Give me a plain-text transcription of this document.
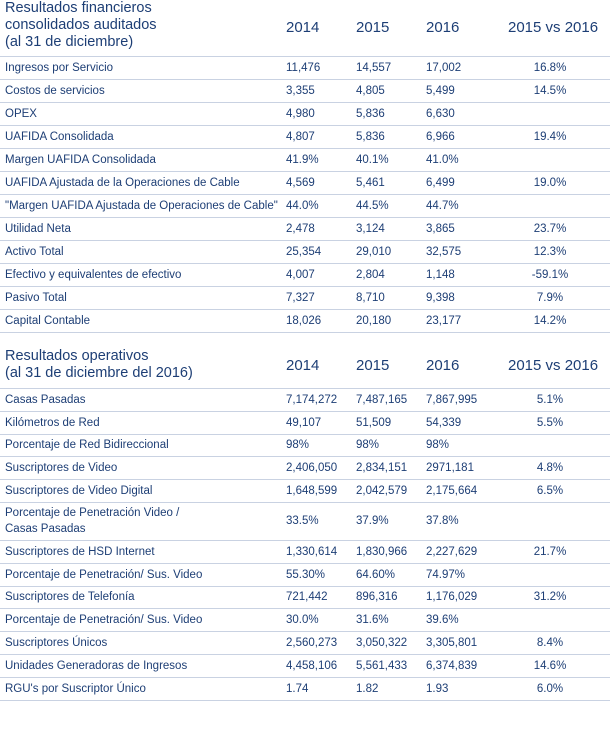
Resultados financieros
consolidados auditados
(al 31 de diciembre)
2014 2015 2016	2015 vs 2016
Ingresos por Servicio	11,476	14,557	17,002	16.8%
Costos de servicios	3,355	4,805	5,499	14.5%
OPEX	4,980	5,836	6,630
UAFIDA Consolidada	4,807	5,836	6,966	19.4%
Margen UAFIDA Consolidada	41.9%	40.1%	41.0%
UAFIDA Ajustada de la Operaciones de Cable	4,569	5,461	6,499	19.0%
"Margen UAFIDA Ajustada de Operaciones de Cable" 44.0%	44.5%	44.7%
Utilidad Neta	2,478	3,124	3,865	23.7%
Activo Total	25,354	29,010	32,575	12.3%
Efectivo y equivalentes de efectivo	4,007	2,804	1,148	-59.1%
Pasivo Total	7,327	8,710	9,398	7.9%
Capital Contable	18,026	20,180	23,177	14.2%
Resultados operativos
(al 31 de diciembre del 2016)	2014 2015 2016	2015 vs 2016
Casas Pasadas	7,174,272 7,487,165 7,867,995	5.1%
Kilómetros de Red	49,107	51,509	54,339	5.5%
Porcentaje de Red Bidireccional	98%	98%	98%
Suscriptores de Video	2,406,050 2,834,151 2971,181	4.8%
Suscriptores de Video Digital	1,648,599 2,042,579 2,175,664	6.5%
Porcentaje de Penetración Video /
Casas Pasadas
33.5%	37.9%	37.8%
Suscriptores de HSD Internet	1,330,614 1,830,966 2,227,629	21.7%
Porcentaje de Penetración/ Sus. Video	55.30%	64.60%	74.97%
Suscriptores de Telefonía	721,442 896,316 1,176,029	31.2%
Porcentaje de Penetración/ Sus. Video	30.0%	31.6%	39.6%
Suscriptores Únicos	2,560,273 3,050,322 3,305,801	8.4%
Unidades Generadoras de Ingresos	4,458,106 5,561,433 6,374,839	14.6%
RGU's por Suscriptor Único	1.74	1.82	1.93	6.0%
